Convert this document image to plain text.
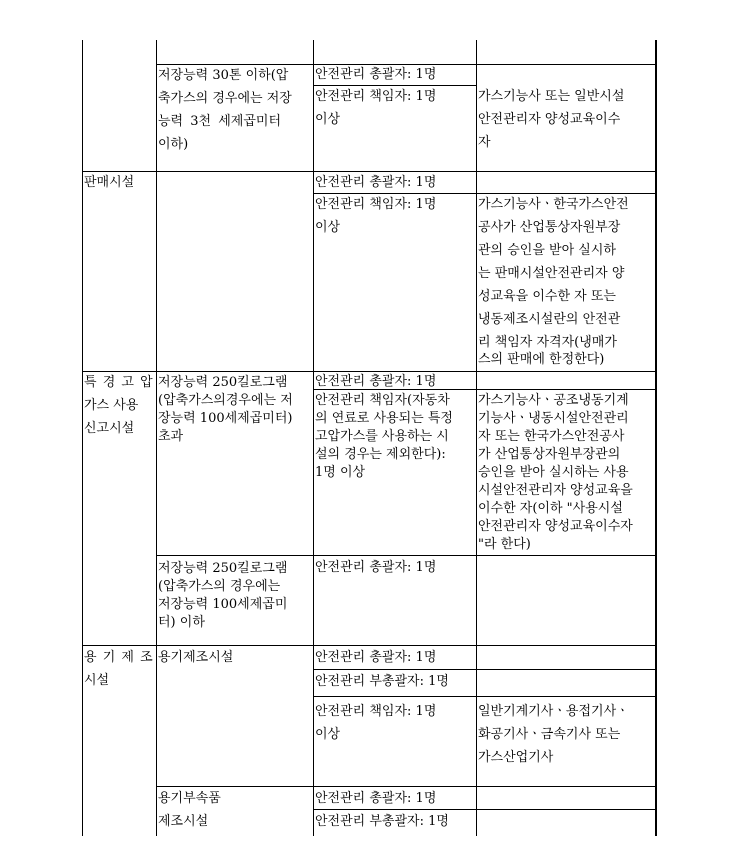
판매시설
특 경 고 압
가스 사용
신고시설
용 기 제 조
시설
저장능력 30톤 이하(압
축가스의 경우에는 저장
능력 3천 세제곱미터
이하)
저장능력 250킬로그램
(압축가스의경우에는 저
장능력 100세제곱미터)
초과
저장능력 250킬로그램
(압축가스의 경우에는
저장능력 100세제곱미
터) 이하
용기제조시설
용기부속품
제조시설
안전관리 총괄자: 1명
안전관리 책임자: 1명
이상
안전관리 총괄자: 1명
안전관리 책임자: 1명
이상
안전관리 총괄자: 1명
안전관리 책임자(자동차
의 연료로 사용되는 특정
고압가스를 사용하는 시
설의 경우는 제외한다):
1명 이상
안전관리 총괄자: 1명
안전관리 총괄자: 1명
안전관리 부총괄자: 1명
안전관리 책임자: 1명
이상
안전관리 총괄자: 1명
안전관리 부총괄자: 1명
가스기능사 또는 일반시설
안전관리자 양성교육이수
자
가스기능사ㆍ한국가스안전
공사가 산업통상자원부장
관의 승인을 받아 실시하
는 판매시설안전관리자 양
성교육을 이수한 자 또는
냉동제조시설란의 안전관
리 책임자 자격자(냉매가
스의 판매에 한정한다)
가스기능사ㆍ공조냉동기계
기능사ㆍ냉동시설안전관리
자 또는 한국가스안전공사
가 산업통상자원부장관의
승인을 받아 실시하는 사용
시설안전관리자 양성교육을
이수한 자(이하 "사용시설
안전관리자 양성교육이수자
"라 한다)
일반기계기사ㆍ용접기사ㆍ
화공기사ㆍ금속기사 또는
가스산업기사
